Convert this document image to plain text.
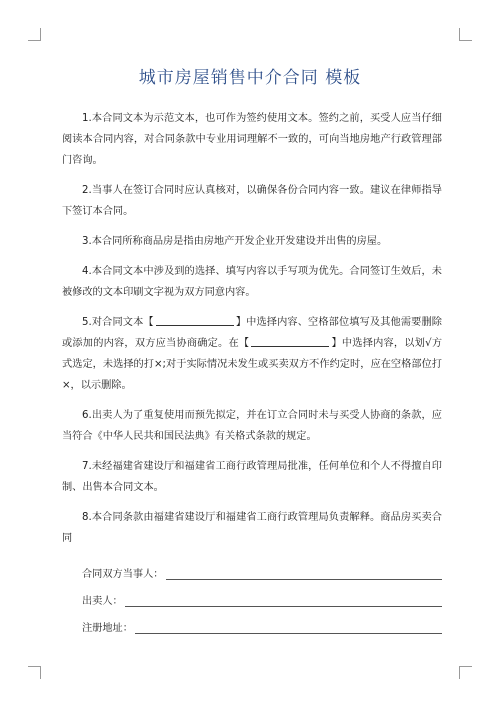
城市房屋销售中介合同 模板

1.本合同文本为示范文本，也可作为签约使用文本。签约之前，买受人应当仔细阅读本合同内容，对合同条款中专业用词理解不一致的，可向当地房地产行政管理部门咨询。

2.当事人在签订合同时应认真核对，以确保各份合同内容一致。建议在律师指导下签订本合同。

3.本合同所称商品房是指由房地产开发企业开发建设并出售的房屋。

4.本合同文本中涉及到的选择、填写内容以手写项为优先。合同签订生效后，未被修改的文本印刷文字视为双方同意内容。

5.对合同文本【	】中选择内容、空格部位填写及其他需要删除或添加的内容，双方应当协商确定。在【	】中选择内容，以划√方式选定，未选择的打×;对于实际情况未发生或买卖双方不作约定时，应在空格部位打×，以示删除。

6.出卖人为了重复使用而预先拟定，并在订立合同时未与买受人协商的条款，应当符合《中华人民共和国民法典》有关格式条款的规定。

7.未经福建省建设厅和福建省工商行政管理局批准，任何单位和个人不得擅自印制、出售本合同文本。

8.本合同条款由福建省建设厅和福建省工商行政管理局负责解释。商品房买卖合同

合同双方当事人：
出卖人：
注册地址：
